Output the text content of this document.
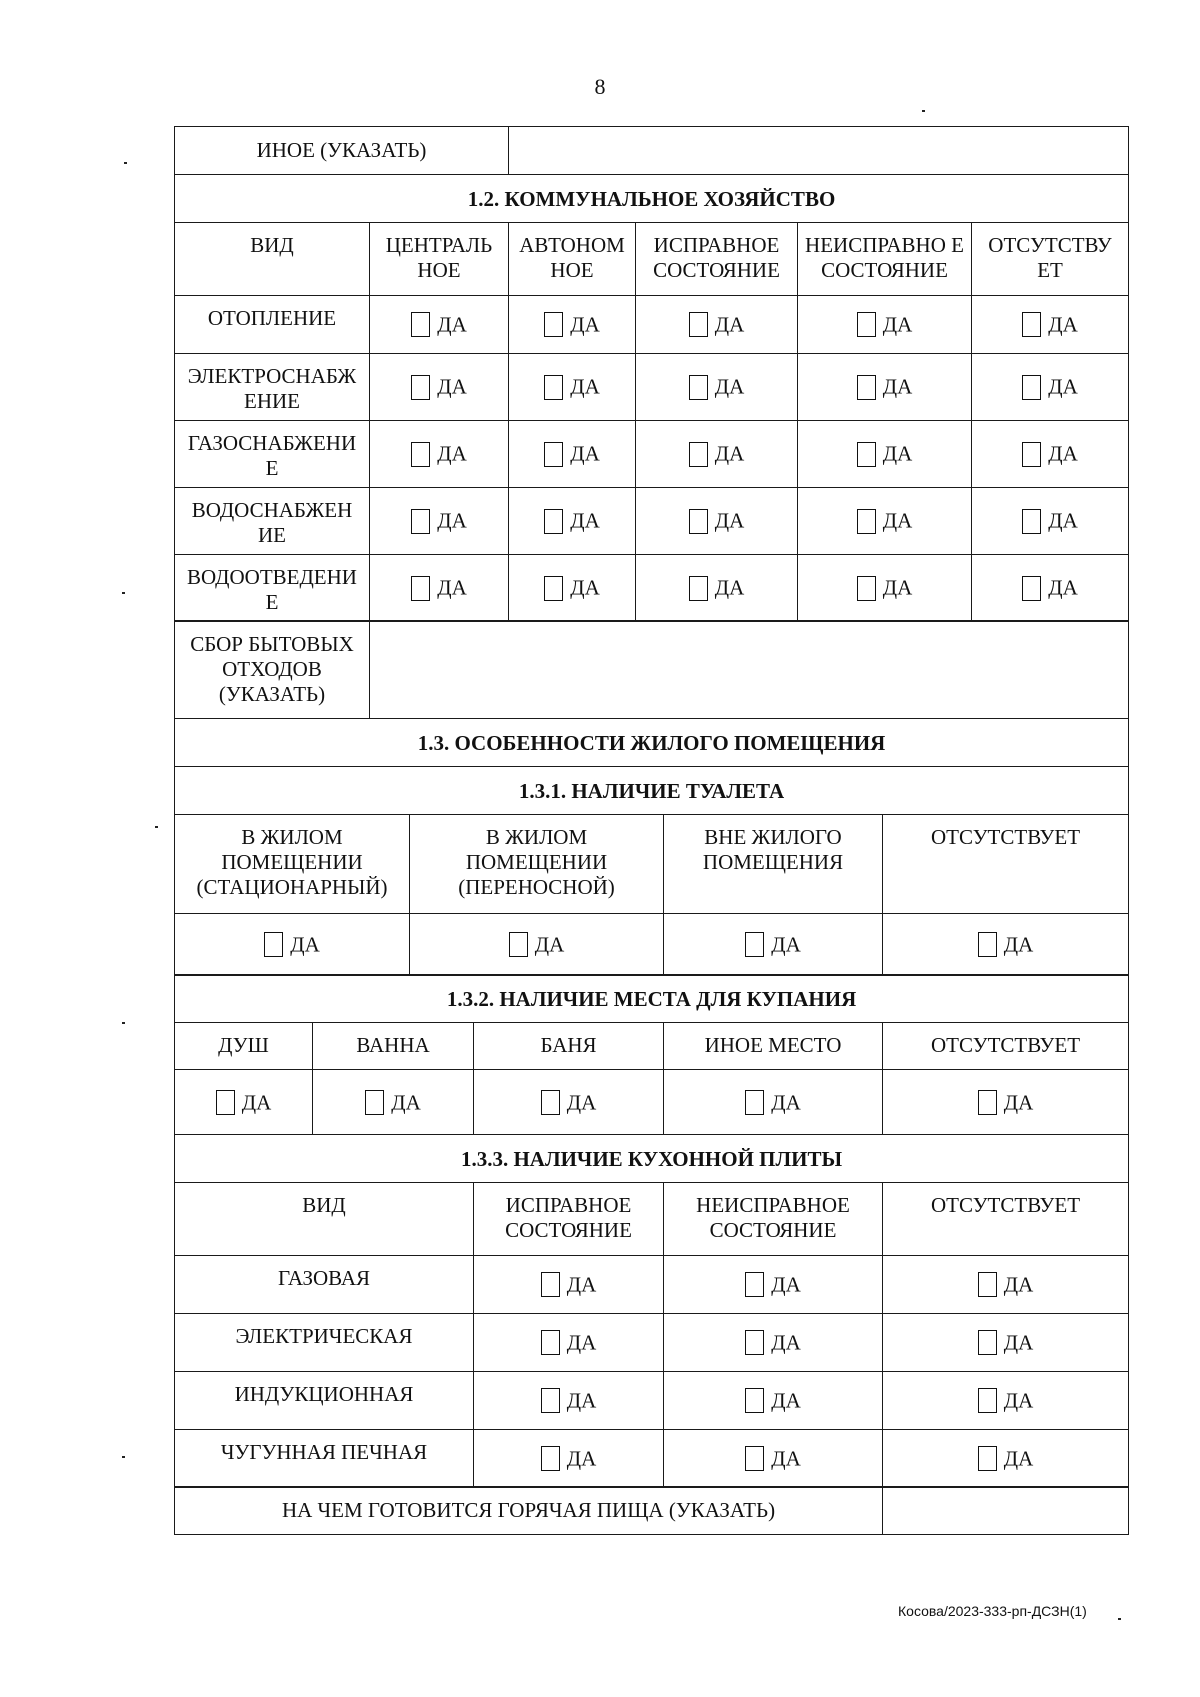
8
ИНОЕ (УКАЗАТЬ)	
1.2. КОММУНАЛЬНОЕ ХОЗЯЙСТВО					
ВИД	ЦЕНТРАЛЬ НОЕ	АВТОНОМ НОЕ	ИСПРАВНОЕ СОСТОЯНИЕ	НЕИСПРАВНО Е СОСТОЯНИЕ	ОТСУТСТВУ ЕТ
ОТОПЛЕНИЕ	ДА	ДА	ДА	ДА	ДА
ЭЛЕКТРОСНАБЖ ЕНИЕ	ДА	ДА	ДА	ДА	ДА
ГАЗОСНАБЖЕНИ Е	ДА	ДА	ДА	ДА	ДА
ВОДОСНАБЖЕН ИЕ	ДА	ДА	ДА	ДА	ДА
ВОДООТВЕДЕНИ Е	ДА	ДА	ДА	ДА	ДА
СБОР БЫТОВЫХ ОТХОДОВ (УКАЗАТЬ)	
1.3. ОСОБЕННОСТИ ЖИЛОГО ПОМЕЩЕНИЯ			
1.3.1. НАЛИЧИЕ ТУАЛЕТА			
В ЖИЛОМ ПОМЕЩЕНИИ (СТАЦИОНАРНЫЙ)	В ЖИЛОМ ПОМЕЩЕНИИ (ПЕРЕНОСНОЙ)	ВНЕ ЖИЛОГО ПОМЕЩЕНИЯ	ОТСУТСТВУЕТ
ДА	ДА	ДА	ДА
1.3.2. НАЛИЧИЕ МЕСТА ДЛЯ КУПАНИЯ				
ДУШ	ВАННА	БАНЯ	ИНОЕ МЕСТО	ОТСУТСТВУЕТ
ДА	ДА	ДА	ДА	ДА
1.3.3. НАЛИЧИЕ КУХОННОЙ ПЛИТЫ			
ВИД	ИСПРАВНОЕ СОСТОЯНИЕ	НЕИСПРАВНОЕ СОСТОЯНИЕ	ОТСУТСТВУЕТ
ГАЗОВАЯ	ДА	ДА	ДА
ЭЛЕКТРИЧЕСКАЯ	ДА	ДА	ДА
ИНДУКЦИОННАЯ	ДА	ДА	ДА
ЧУГУННАЯ ПЕЧНАЯ	ДА	ДА	ДА
НА ЧЕМ ГОТОВИТСЯ ГОРЯЧАЯ ПИЩА (УКАЗАТЬ)	
Косова/2023-333-рп-ДСЗН(1)
